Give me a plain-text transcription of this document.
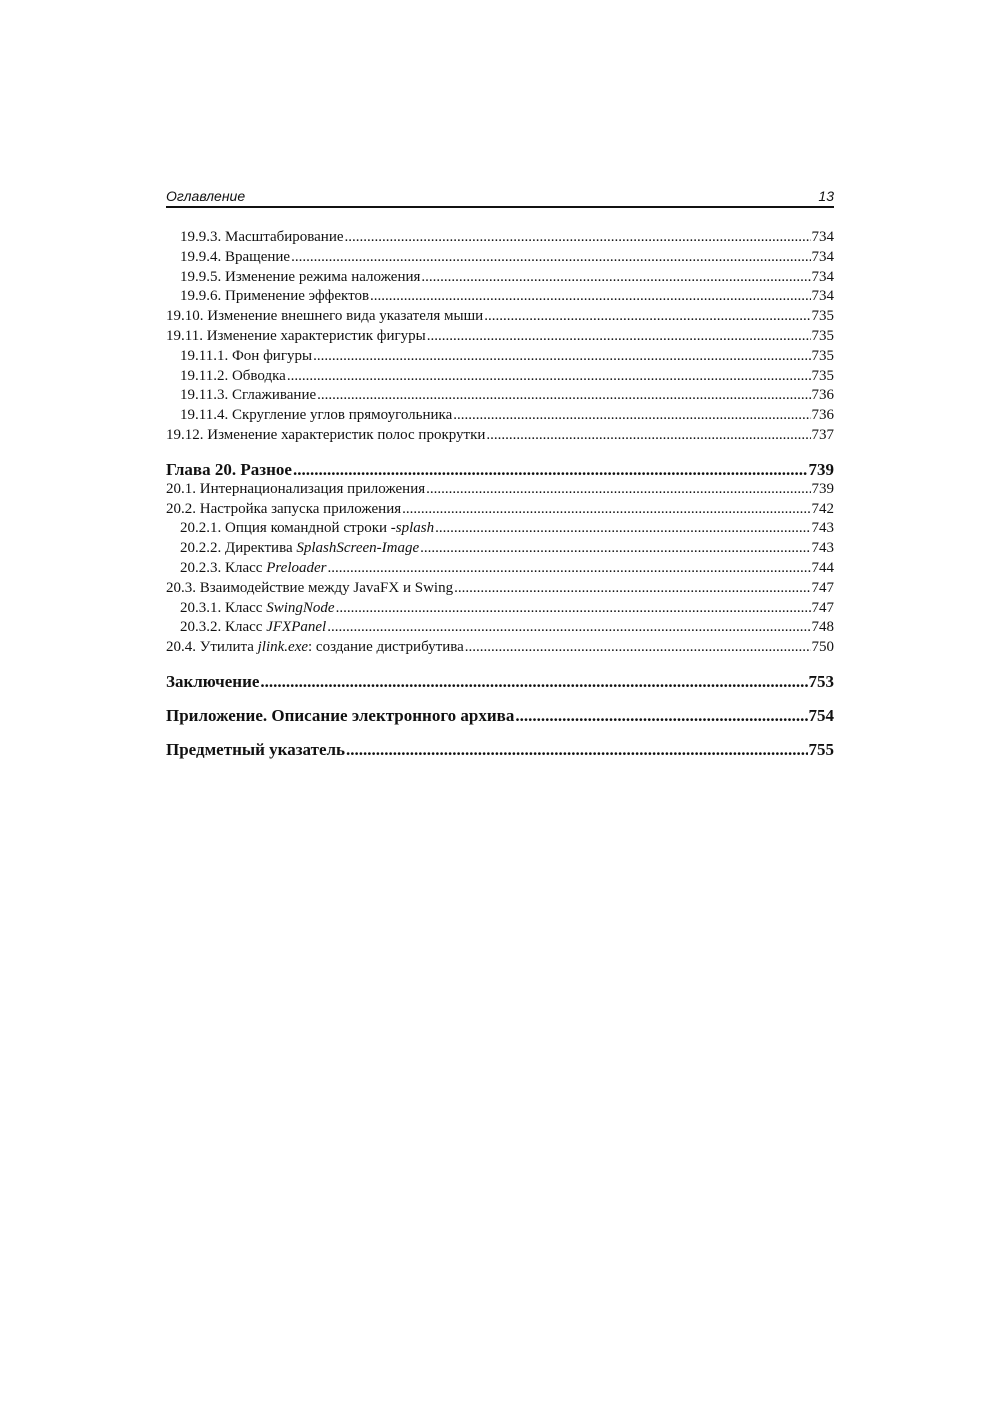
Оглавление	13
19.9.3. Масштабирование .....	734
19.9.4. Вращение .....	734
19.9.5. Изменение режима наложения .....	734
19.9.6. Применение эффектов .....	734
19.10. Изменение внешнего вида указателя мыши .....	735
19.11. Изменение характеристик фигуры .....	735
19.11.1. Фон фигуры .....	735
19.11.2. Обводка .....	735
19.11.3. Сглаживание .....	736
19.11.4. Скругление углов прямоугольника .....	736
19.12. Изменение характеристик полос прокрутки .....	737
Глава 20. Разное .....	739
20.1. Интернационализация приложения .....	739
20.2. Настройка запуска приложения .....	742
20.2.1. Опция командной строки -splash .....	743
20.2.2. Директива SplashScreen-Image .....	743
20.2.3. Класс Preloader .....	744
20.3. Взаимодействие между JavaFX и Swing .....	747
20.3.1. Класс SwingNode .....	747
20.3.2. Класс JFXPanel .....	748
20.4. Утилита jlink.exe: создание дистрибутива .....	750
Заключение .....	753
Приложение. Описание электронного архива .....	754
Предметный указатель .....	755
